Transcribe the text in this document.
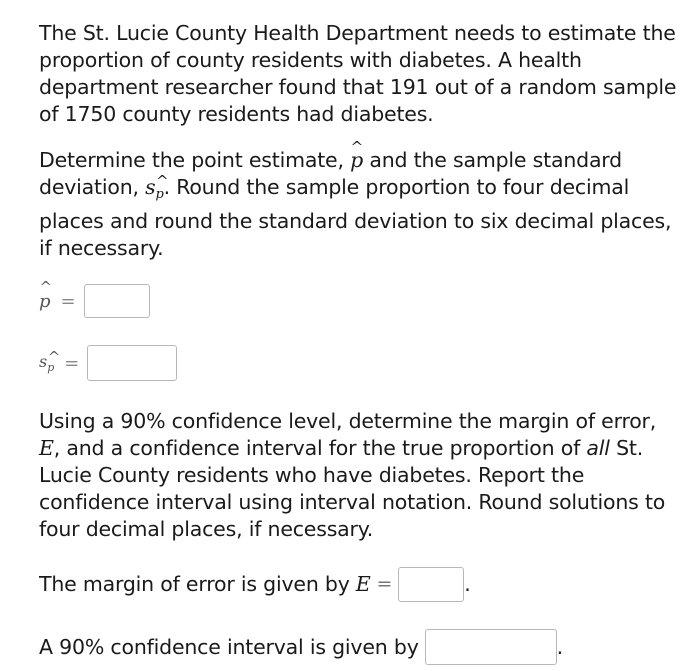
The St. Lucie County Health Department needs to estimate the proportion of county residents with diabetes. A health department researcher found that 191 out of a random sample of 1750 county residents had diabetes.

Determine the point estimate, ^ p and the sample standard deviation, s^ p. Round the sample proportion to four decimal places and round the standard deviation to six decimal places, if necessary.

^ p =
s^ p =

Using a 90% confidence level, determine the margin of error, E, and a confidence interval for the true proportion of all St. Lucie County residents who have diabetes. Report the confidence interval using interval notation. Round solutions to four decimal places, if necessary.

The margin of error is given by E =	.
A 90% confidence interval is given by	.
